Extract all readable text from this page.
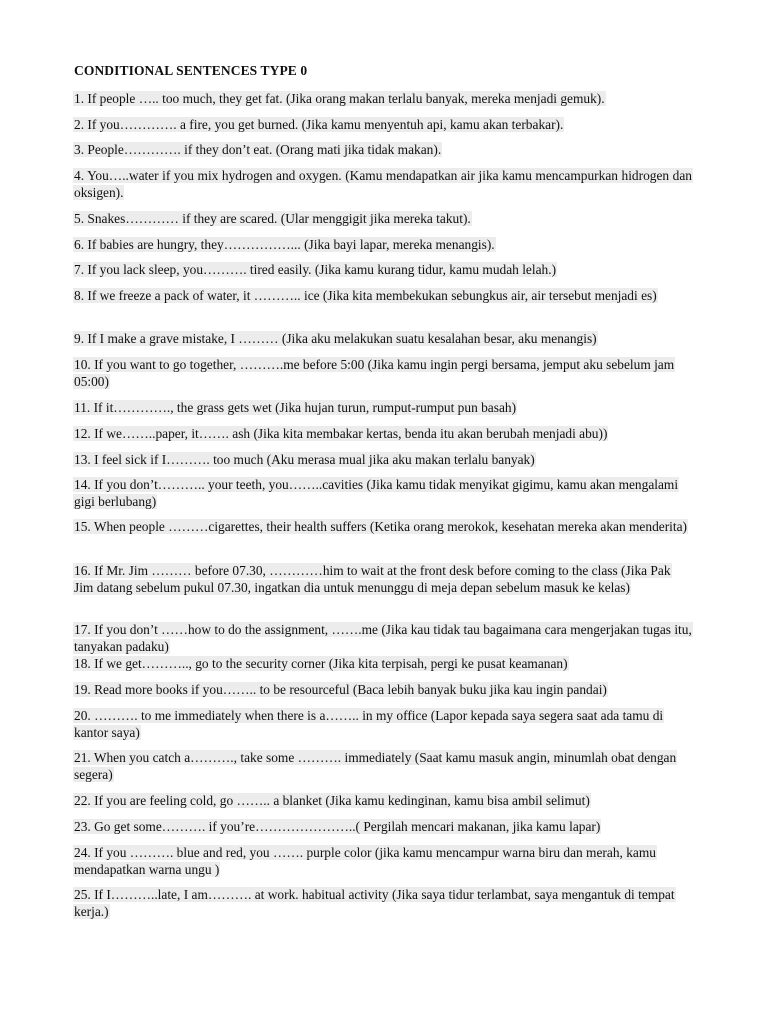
CONDITIONAL SENTENCES TYPE 0
1. If people ….. too much, they get fat. (Jika orang makan terlalu banyak, mereka menjadi gemuk).
2. If you…………. a fire, you get burned. (Jika kamu menyentuh api, kamu akan terbakar).
3. People…………. if they don’t eat. (Orang mati jika tidak makan).
4. You…..water if you mix hydrogen and oxygen. (Kamu mendapatkan air jika kamu mencampurkan hidrogen dan oksigen).
5. Snakes………… if they are scared. (Ular menggigit jika mereka takut).
6. If babies are hungry, they……………... (Jika bayi lapar, mereka menangis).
7. If you lack sleep, you………. tired easily. (Jika kamu kurang tidur, kamu mudah lelah.)
8. If we freeze a pack of water, it ……….. ice (Jika kita membekukan sebungkus air, air tersebut menjadi es)
9. If I make a grave mistake, I ……… (Jika aku melakukan suatu kesalahan besar, aku menangis)
10. If you want to go together, ……….me before 5:00 (Jika kamu ingin pergi bersama, jemput aku sebelum jam 05:00)
11. If it…………., the grass gets wet (Jika hujan turun, rumput-rumput pun basah)
12. If we……..paper, it……. ash (Jika kita membakar kertas, benda itu akan berubah menjadi abu))
13. I feel sick if I………. too much (Aku merasa mual jika aku makan terlalu banyak)
14. If you don’t……….. your teeth, you……..cavities (Jika kamu tidak menyikat gigimu, kamu akan mengalami gigi berlubang)
15. When people ………cigarettes, their health suffers (Ketika orang merokok, kesehatan mereka akan menderita)
16. If Mr. Jim ……… before 07.30, …………him to wait at the front desk before coming to the class (Jika Pak Jim datang sebelum pukul 07.30, ingatkan dia untuk menunggu di meja depan sebelum masuk ke kelas)
17. If you don’t ……how to do the assignment, …….me (Jika kau tidak tau bagaimana cara mengerjakan tugas itu, tanyakan padaku)
18. If we get……….., go to the security corner (Jika kita terpisah, pergi ke pusat keamanan)
19. Read more books if you…….. to be resourceful (Baca lebih banyak buku jika kau ingin pandai)
20. ………. to me immediately when there is a…….. in my office (Lapor kepada saya segera saat ada tamu di kantor saya)
21. When you catch a………., take some ………. immediately (Saat kamu masuk angin, minumlah obat dengan segera)
22. If you are feeling cold, go …….. a blanket (Jika kamu kedinginan, kamu bisa ambil selimut)
23. Go get some………. if you’re…………………..( Pergilah mencari makanan, jika kamu lapar)
24. If you ………. blue and red, you ……. purple color (jika kamu mencampur warna biru dan merah, kamu mendapatkan warna ungu )
25. If I………..late, I am………. at work. habitual activity (Jika saya tidur terlambat, saya mengantuk di tempat kerja.)
